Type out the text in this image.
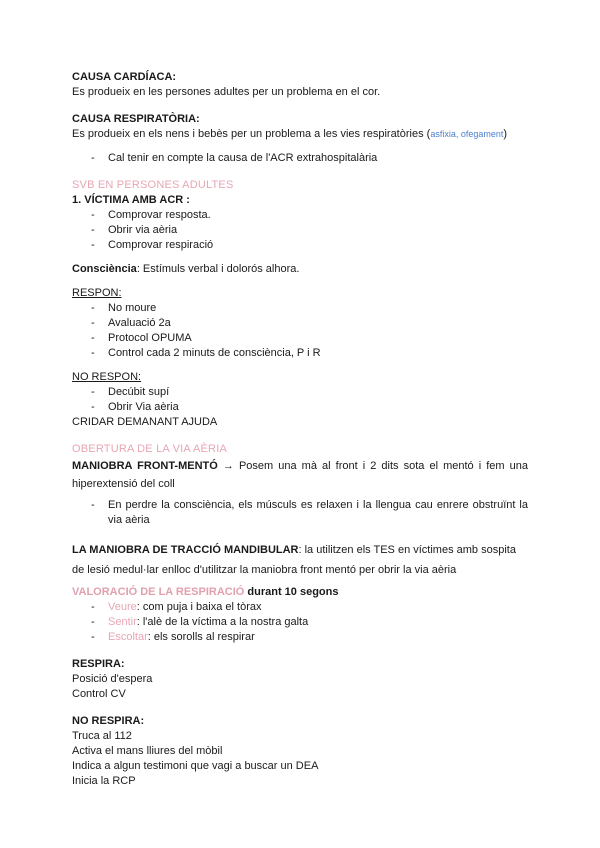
CAUSA CARDÍACA:
Es produeix en les persones adultes per un problema en el cor.
CAUSA RESPIRATÒRIA:
Es produeix en els nens i bebès per un problema a les vies respiratòries (asfixia, ofegament)
- Cal tenir en compte la causa de l'ACR extrahospitalària
SVB EN PERSONES ADULTES
1. VÍCTIMA AMB ACR :
- Comprovar resposta.
- Obrir via aèria
- Comprovar respiració
Consciència: Estímuls verbal i dolorós alhora.
RESPON:
- No moure
- Avaluació 2a
- Protocol OPUMA
- Control cada 2 minuts de consciència, P i R
NO RESPON:
- Decúbit supí
- Obrir Via aèria
CRIDAR DEMANANT AJUDA
OBERTURA DE LA VIA AÈRIA
MANIOBRA FRONT-MENTÓ → Posem una mà al front i 2 dits sota el mentó i fem una hiperextensió del coll
- En perdre la consciència, els músculs es relaxen i la llengua cau enrere obstruïnt la via aèria
LA MANIOBRA DE TRACCIÓ MANDIBULAR: la utilitzen els TES en víctimes amb sospita de lesió medul·lar enlloc d'utilitzar la maniobra front mentó per obrir la via aèria
VALORACIÓ DE LA RESPIRACIÓ durant 10 segons
- Veure: com puja i baixa el tòrax
- Sentir: l'alè de la víctima a la nostra galta
- Escoltar: els sorolls al respirar
RESPIRA:
Posició d'espera
Control CV
NO RESPIRA:
Truca al 112
Activa el mans lliures del mòbil
Indica a algun testimoni que vagi a buscar un DEA
Inicia la RCP
